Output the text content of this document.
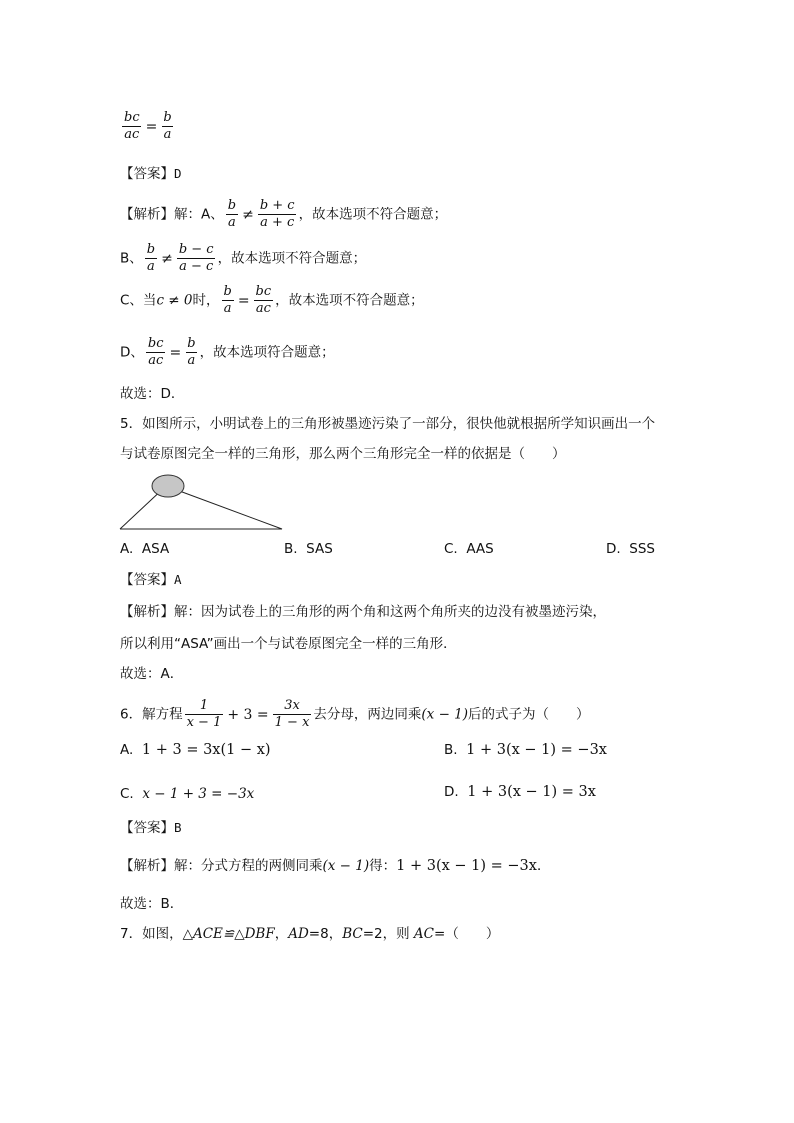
$\frac{bc}{ac} = \frac{b}{a}$
【答案】D
【解析】解：A、 $\frac{b}{a} \ne \frac{b + c}{a + c}$ ，故本选项不符合题意；
B、 $\frac{b}{a} \ne \frac{b - c}{a - c}$ ，故本选项不符合题意；
C、当c ≠ 0时， $\frac{b}{a} = \frac{bc}{ac}$ ，故本选项不符合题意；
D、 $\frac{bc}{ac} = \frac{b}{a}$ ，故本选项符合题意；
故选：D．
5．如图所示，小明试卷上的三角形被墨迹污染了一部分，很快他就根据所学知识画出一个
与试卷原图完全一样的三角形，那么两个三角形完全一样的依据是（　　）
A. ASA	B. SAS	C. AAS	D. SSS
【答案】A
【解析】解：因为试卷上的三角形的两个角和这两个角所夹的边没有被墨迹污染，
所以利用“ASA”画出一个与试卷原图完全一样的三角形．
故选：A．
6．解方程 $\frac{1}{x - 1} + 3 = \frac{3x}{1 - x}$ 去分母，两边同乘(x − 1)后的式子为（　　）
A. 1 + 3 = 3x(1 − x)	B. 1 + 3(x − 1) = −3x
C. x − 1 + 3 = −3x	D. 1 + 3(x − 1) = 3x
【答案】B
【解析】解：分式方程的两侧同乘(x − 1)得：1 + 3(x − 1) = −3x．
故选：B．
7．如图，△ACE≌△DBF，AD=8，BC=2，则 AC=（　　）
